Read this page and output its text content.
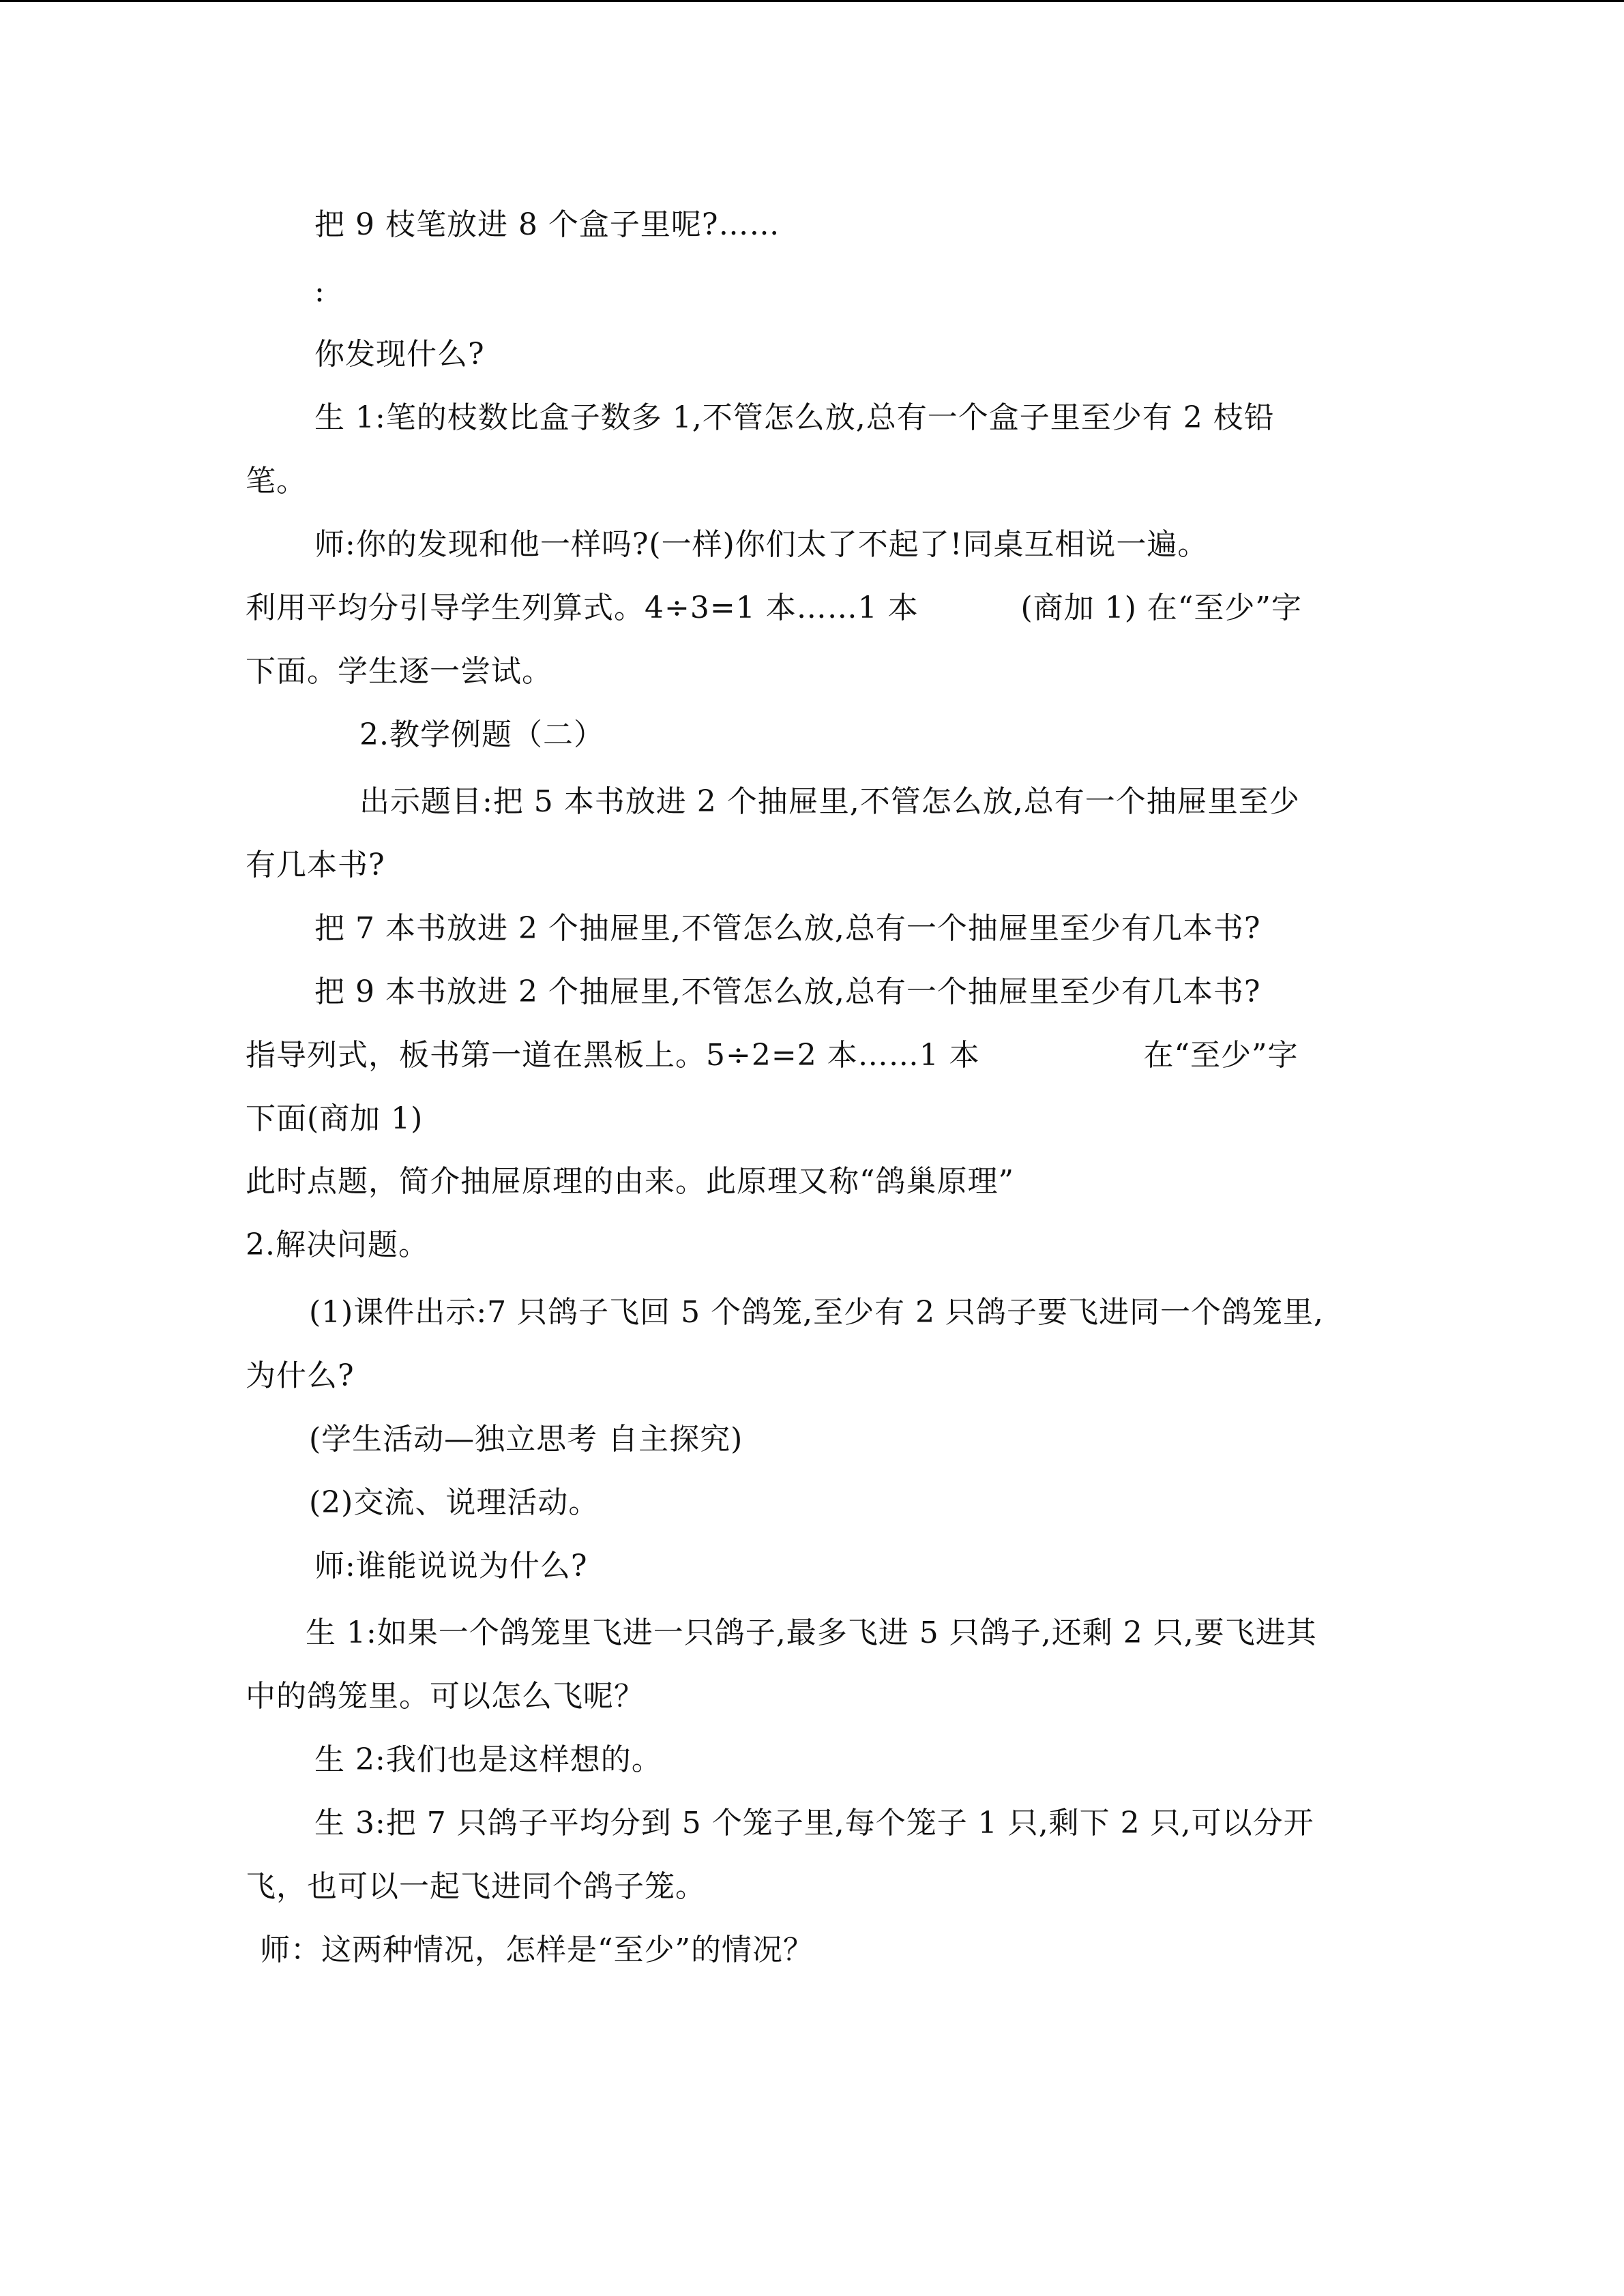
把 9 枝笔放进 8 个盒子里呢?……
:
你发现什么?
生 1:笔的枝数比盒子数多 1,不管怎么放,总有一个盒子里至少有 2 枝铅
笔。
师:你的发现和他一样吗?(一样)你们太了不起了!同桌互相说一遍。
利用平均分引导学生列算式。4÷3=1 本……1 本          (商加 1) 在“至少”字
下面。学生逐一尝试。
2.教学例题（二）
出示题目:把 5 本书放进 2 个抽屉里,不管怎么放,总有一个抽屉里至少
有几本书?
把 7 本书放进 2 个抽屉里,不管怎么放,总有一个抽屉里至少有几本书?
把 9 本书放进 2 个抽屉里,不管怎么放,总有一个抽屉里至少有几本书?
指导列式，板书第一道在黑板上。5÷2=2 本……1 本                在“至少”字
下面(商加 1)
此时点题，简介抽屉原理的由来。此原理又称“鸽巢原理”
2.解决问题。
(1)课件出示:7 只鸽子飞回 5 个鸽笼,至少有 2 只鸽子要飞进同一个鸽笼里,
为什么?
(学生活动—独立思考 自主探究)
(2)交流、说理活动。
师:谁能说说为什么?
生 1:如果一个鸽笼里飞进一只鸽子,最多飞进 5 只鸽子,还剩 2 只,要飞进其
中的鸽笼里。可以怎么飞呢？
生 2:我们也是这样想的。
生 3:把 7 只鸽子平均分到 5 个笼子里,每个笼子 1 只,剩下 2 只,可以分开
飞，也可以一起飞进同个鸽子笼。
师：这两种情况，怎样是“至少”的情况？
